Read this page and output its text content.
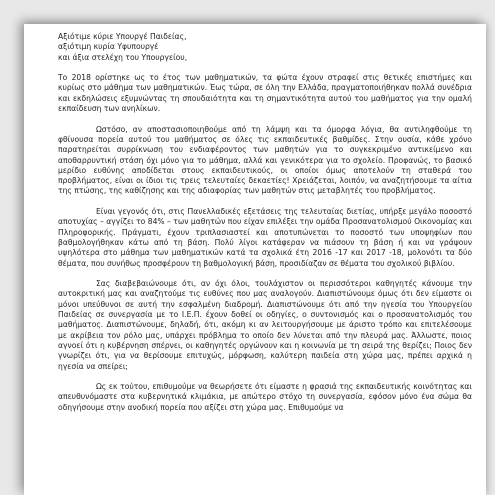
Αξιότιμε κύριε Υπουργέ Παιδείας,
αξιότιμη κυρία Υφυπουργέ
και άξια στελέχη του Υπουργείου,

Το 2018 ορίστηκε ως το έτος των μαθηματικών, τα φώτα έχουν στραφεί στις θετικές επιστήμες και κυρίως στο μάθημα των μαθηματικών. Έως τώρα, σε όλη την Ελλάδα, πραγματοποιήθηκαν πολλά συνέδρια και εκδηλώσεις εξυμνώντας τη σπουδαιότητα και τη σημαντικότητα αυτού του μαθήματος για την ομαλή εκπαίδευση των ανηλίκων.

Ωστόσο, αν αποστασιοποιηθούμε από τη λάμψη και τα όμορφα λόγια, θα αντιληφθούμε τη φθίνουσα πορεία αυτού του μαθήματος σε όλες τις εκπαιδευτικές βαθμίδες. Στην ουσία, κάθε χρόνο παρατηρείται συρρίκνωση του ενδιαφέροντος των μαθητών για το συγκεκριμένο αντικείμενο και αποθαρρυντική στάση όχι μόνο για το μάθημα, αλλά και γενικότερα για το σχολείο. Προφανώς, το βασικό μερίδιο ευθύνης αποδίδεται στους εκπαιδευτικούς, οι οποίοι όμως αποτελούν τη σταθερά του προβλήματος, είναι οι ίδιοι τις τρεις τελευταίες δεκαετίες! Χρειάζεται, λοιπόν, να αναζητήσουμε τα αίτια της πτώσης, της καθίζησης και της αδιαφορίας των μαθητών στις μεταβλητές του προβλήματος.

Είναι γεγονός ότι, στις Πανελλαδικές εξετάσεις της τελευταίας διετίας, υπήρξε μεγάλο ποσοστό αποτυχίας – αγγίζει το 84% – των μαθητών που είχαν επιλέξει την ομάδα Προσανατολισμού Οικονομίας και Πληροφορικής. Πράγματι, έχουν τριπλασιαστεί και αποτυπώνεται το ποσοστό των υποψηφίων που βαθμολογήθηκαν κάτω από τη βάση. Πολύ λίγοι κατάφεραν να πιάσουν τη βάση ή και να γράψουν υψηλότερα στο μάθημα των μαθηματικών κατά τα σχολικά έτη 2016 -17 και 2017 -18, μολονότι τα δύο θέματα, που συνήθως προσφέρουν τη βαθμολογική βάση, προσιδίαζαν σε θέματα του σχολικού βιβλίου.

Σας διαβεβαιώνουμε ότι, αν όχι όλοι, τουλάχιστον οι περισσότεροι καθηγητές κάνουμε την αυτοκριτική μας και αναζητούμε τις ευθύνες που μας αναλογούν. Διαπιστώνουμε όμως ότι δεν είμαστε οι μόνοι υπεύθυνοι σε αυτή την εσφαλμένη διαδρομή. Διαπιστώνουμε ότι από την ηγεσία του Υπουργείου Παιδείας σε συνεργασία με το Ι.Ε.Π. έχουν δοθεί οι οδηγίες, ο συντονισμός και ο προσανατολισμός του μαθήματος. Διαπιστώνουμε, δηλαδή, ότι, ακόμη κι αν λειτουργήσουμε με άριστο τρόπο και επιτελέσουμε με ακρίβεια τον ρόλο μας, υπάρχει πρόβλημα το οποίο δεν λύνεται από την πλευρά μας. Άλλωστε, ποιος αγνοεί ότι η κυβέρνηση σπέρνει, οι καθηγητές οργώνουν και η κοινωνία με τη σειρά της θερίζει; Ποιος δεν γνωρίζει ότι, για να θερίσουμε επιτυχώς, μόρφωση, καλύτερη παιδεία στη χώρα μας, πρέπει αρχικά η ηγεσία να σπείρει;

Ως εκ τούτου, επιθυμούμε να θεωρήσετε ότι είμαστε η φρασιά της εκπαιδευτικής κοινότητας και απευθυνόμαστε στα κυβερνητικά κλιμάκια, με απώτερο στόχο τη συνεργασία, εφόσον μόνο ένα σώμα θα οδηγήσουμε στην ανοδική πορεία που αξίζει στη χώρα μας. Επιθυμούμε να
